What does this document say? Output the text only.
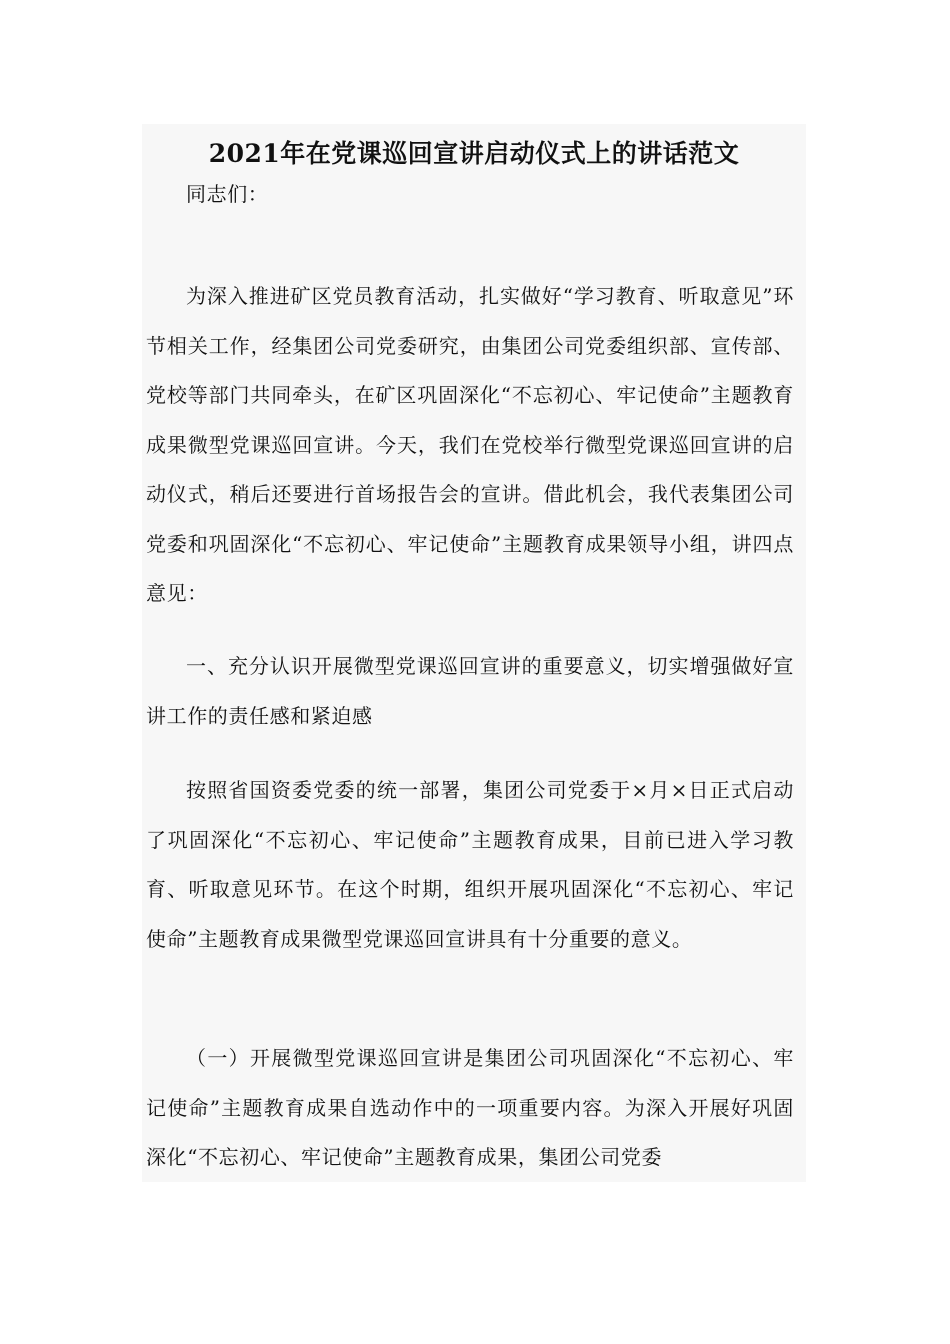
2021年在党课巡回宣讲启动仪式上的讲话范文

同志们：

为深入推进矿区党员教育活动，扎实做好“学习教育、听取意见”环节相关工作，经集团公司党委研究，由集团公司党委组织部、宣传部、党校等部门共同牵头，在矿区巩固深化“不忘初心、牢记使命”主题教育成果微型党课巡回宣讲。今天，我们在党校举行微型党课巡回宣讲的启动仪式，稍后还要进行首场报告会的宣讲。借此机会，我代表集团公司党委和巩固深化“不忘初心、牢记使命”主题教育成果领导小组，讲四点意见：

一、充分认识开展微型党课巡回宣讲的重要意义，切实增强做好宣讲工作的责任感和紧迫感

按照省国资委党委的统一部署，集团公司党委于×月×日正式启动了巩固深化“不忘初心、牢记使命”主题教育成果，目前已进入学习教育、听取意见环节。在这个时期，组织开展巩固深化“不忘初心、牢记使命”主题教育成果微型党课巡回宣讲具有十分重要的意义。

（一）开展微型党课巡回宣讲是集团公司巩固深化“不忘初心、牢记使命”主题教育成果自选动作中的一项重要内容。为深入开展好巩固深化“不忘初心、牢记使命”主题教育成果，集团公司党委
